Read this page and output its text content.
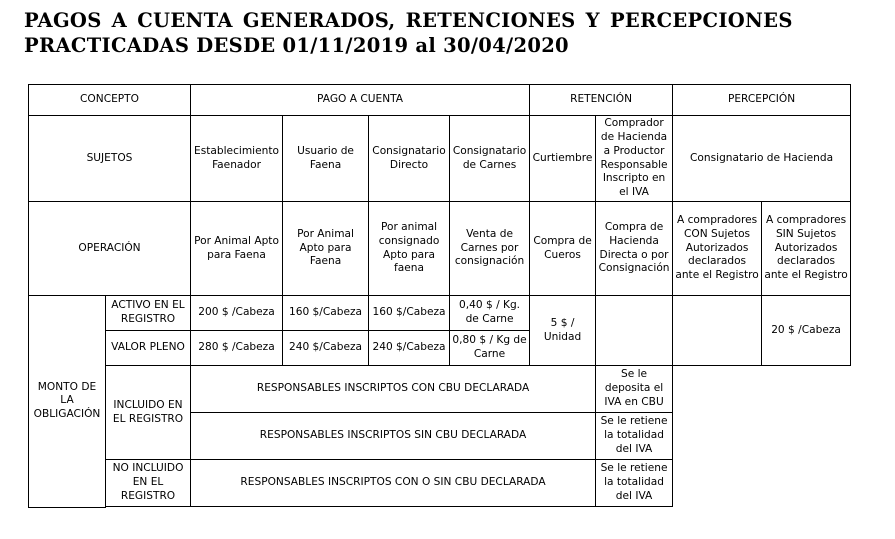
PAGOS A CUENTA GENERADOS, RETENCIONES Y PERCEPCIONES
PRACTICADAS DESDE 01/11/2019 al 30/04/2020
CONCEPTO		PAGO A CUENTA				RETENCIÓN		PERCEPCIÓN	
SUJETOS		Establecimiento Faenador	Usuario de Faena	Consignatario Directo	Consignatario de Carnes	Curtiembre	Comprador de Hacienda a Productor Responsable Inscripto en el IVA	Consignatario de Hacienda	
OPERACIÓN		Por Animal Apto para Faena	Por Animal Apto para Faena	Por animal consignado Apto para faena	Venta de Carnes por consignación	Compra de Cueros	Compra de Hacienda Directa o por Consignación	A compradores CON Sujetos Autorizados declarados ante el Registro	A compradores SIN Sujetos Autorizados declarados ante el Registro
MONTO DE LA OBLIGACIÓN	ACTIVO EN EL REGISTRO	200 $ /Cabeza	160 $/Cabeza	160 $/Cabeza	0,40 $ / Kg. de Carne	5 $ / Unidad			20 $ /Cabeza
	VALOR PLENO	280 $ /Cabeza	240 $/Cabeza	240 $/Cabeza	0,80 $ / Kg de Carne				
	INCLUIDO EN EL REGISTRO	RESPONSABLES INSCRIPTOS CON CBU DECLARADA					Se le deposita el IVA en CBU		
		RESPONSABLES INSCRIPTOS SIN CBU DECLARADA					Se le retiene la totalidad del IVA		
	NO INCLUIDO EN EL REGISTRO	RESPONSABLES INSCRIPTOS CON O SIN CBU DECLARADA					Se le retiene la totalidad del IVA		
